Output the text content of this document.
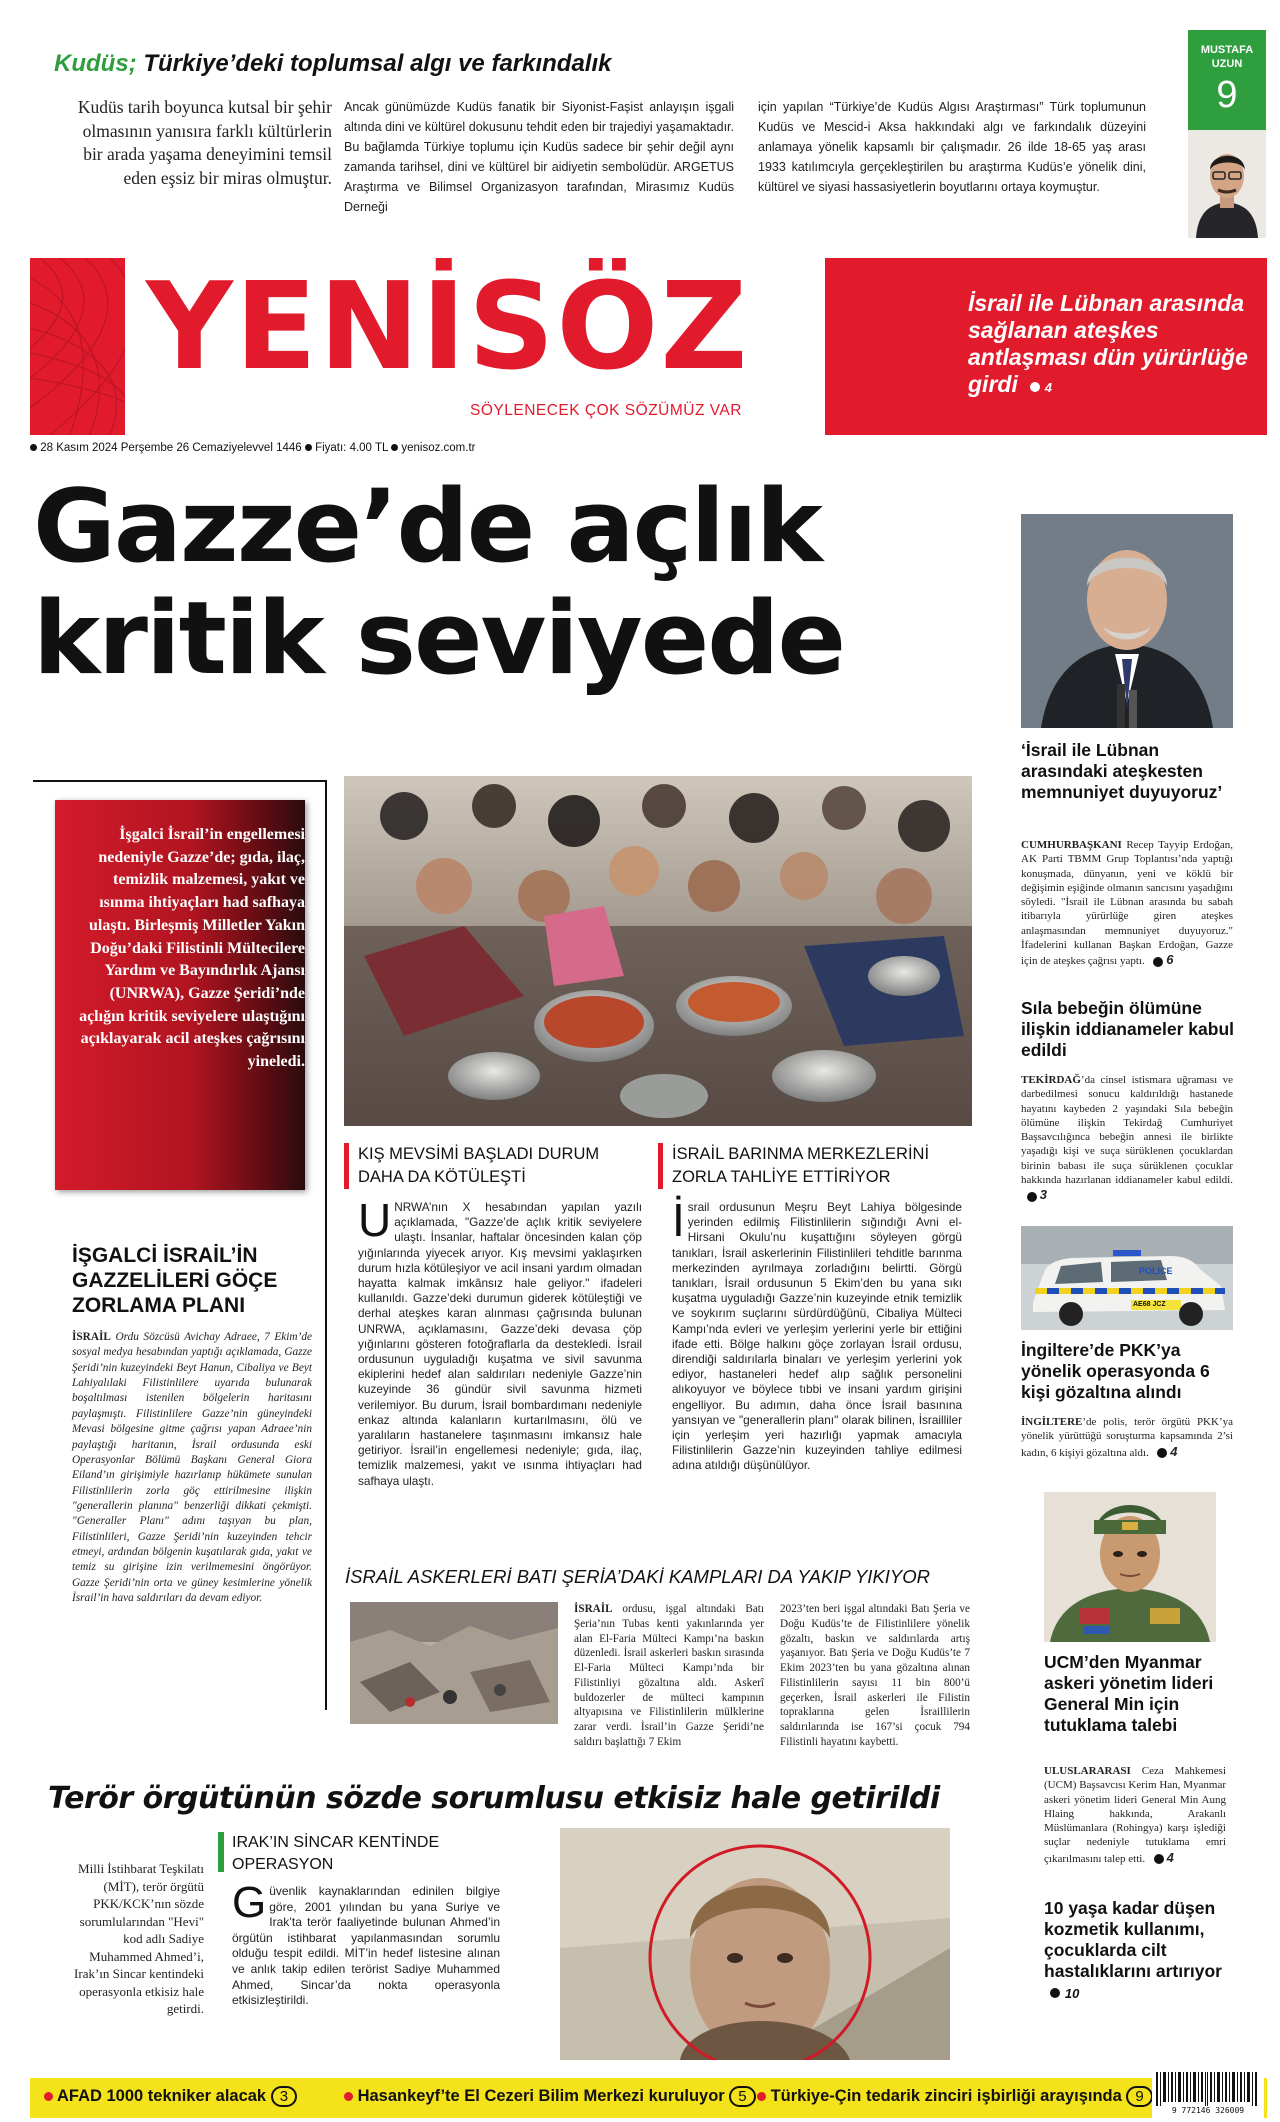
Kudüs; Türkiye’deki toplumsal algı ve farkındalık
Kudüs tarih boyunca kutsal bir şehir olmasının yanısıra farklı kültürlerin bir arada yaşama deneyimini temsil eden eşsiz bir miras olmuştur.
Ancak günümüzde Kudüs fanatik bir Siyonist-Faşist anlayışın işgali altında dini ve kültürel dokusunu tehdit eden bir trajediyi yaşamaktadır. Bu bağlamda Türkiye toplumu için Kudüs sadece bir şehir değil aynı zamanda tarihsel, dini ve kültürel bir aidiyetin sembolüdür. ARGETUS Araştırma ve Bilimsel Organizasyon tarafından, Mirasımız Kudüs Derneği
için yapılan “Türkiye’de Kudüs Algısı Araştırması” Türk toplumunun Kudüs ve Mescid-i Aksa hakkındaki algı ve farkındalık düzeyini anlamaya yönelik kapsamlı bir çalışmadır. 26 ilde 18-65 yaş arası 1933 katılımcıyla gerçekleştirilen bu araştırma Kudüs’e yönelik dini, kültürel ve siyasi hassasiyetlerin boyutlarını ortaya koymuştur.
MUSTAFA UZUN
9
YENİSÖZ
SÖYLENECEK ÇOK SÖZÜMÜZ VAR
İsrail ile Lübnan arasında sağlanan ateşkes antlaşması dün yürürlüğe girdi 4
28 Kasım 2024 Perşembe 26 Cemaziyelevvel 1446 Fiyatı: 4.00 TL yenisoz.com.tr
Gazze’de açlık
kritik seviyede
İşgalci İsrail’in engellemesi nedeniyle Gazze’de; gıda, ilaç, temizlik malzemesi, yakıt ve ısınma ihtiyaçları had safhaya ulaştı. Birleşmiş Milletler Yakın Doğu’daki Filistinli Mültecilere Yardım ve Bayındırlık Ajansı (UNRWA), Gazze Şeridi’nde açlığın kritik seviyelere ulaştığını açıklayarak acil ateşkes çağrısını yineledi.
İŞGALCİ İSRAİL’İN GAZZELİLERİ GÖÇE ZORLAMA PLANI
İSRAİL Ordu Sözcüsü Avichay Adraee, 7 Ekim’de sosyal medya hesabından yaptığı açıklamada, Gazze Şeridi’nin kuzeyindeki Beyt Hanun, Cibaliya ve Beyt Lahiyalılaki Filistinlilere uyarıda bulunarak boşaltılması istenilen bölgelerin haritasını paylaşmıştı. Filistinlilere Gazze’nin güneyindeki Mevasi bölgesine gitme çağrısı yapan Adraee’nin paylaştığı haritanın, İsrail ordusunda eski Operasyonlar Bölümü Başkanı General Giora Eiland’ın girişimiyle hazırlanıp hükümete sunulan Filistinlilerin zorla göç ettirilmesine ilişkin "generallerin planına" benzerliği dikkati çekmişti. "Generaller Planı" adını taşıyan bu plan, Filistinlileri, Gazze Şeridi’nin kuzeyinden tehcir etmeyi, ardından bölgenin kuşatılarak gıda, yakıt ve temiz su girişine izin verilmemesini öngörüyor. Gazze Şeridi’nin orta ve güney kesimlerine yönelik İsrail’in hava saldırıları da devam ediyor.
KIŞ MEVSİMİ BAŞLADI DURUM DAHA DA KÖTÜLEŞTİ
U NRWA’nın X hesabından yapılan yazılı açıklamada, "Gazze’de açlık kritik seviyelere ulaştı. İnsanlar, haftalar öncesinden kalan çöp yığınlarında yiyecek arıyor. Kış mevsimi yaklaşırken durum hızla kötüleşiyor ve acil insani yardım olmadan hayatta kalmak imkânsız hale geliyor." ifadeleri kullanıldı. Gazze’deki durumun giderek kötüleştiği ve derhal ateşkes karan alınması çağrısında bulunan UNRWA, açıklamasını, Gazze’deki devasa çöp yığınlarını gösteren fotoğraflarla da destekledi. İsrail ordusunun uyguladığı kuşatma ve sivil savunma ekiplerini hedef alan saldırıları nedeniyle Gazze’nin kuzeyinde 36 gündür sivil savunma hizmeti verilemiyor. Bu durum, İsrail bombardımanı nedeniyle enkaz altında kalanların kurtarılmasını, ölü ve yaralıların hastanelere taşınmasını imkansız hale getiriyor. İsrail’in engellemesi nedeniyle; gıda, ilaç, temizlik malzemesi, yakıt ve ısınma ihtiyaçları had safhaya ulaştı.
İSRAİL BARINMA MERKEZLERİNİ ZORLA TAHLİYE ETTİRİYOR
İ srail ordusunun Meşru Beyt Lahiya bölgesinde yerinden edilmiş Filistinlilerin sığındığı Avni el-Hirsani Okulu’nu kuşattığını söyleyen görgü tanıkları, İsrail askerlerinin Filistinlileri tehditle barınma merkezinden ayrılmaya zorladığını belirtti. Görgü tanıkları, İsrail ordusunun 5 Ekim’den bu yana sıkı kuşatma uyguladığı Gazze’nin kuzeyinde etnik temizlik ve soykırım suçlarını sürdürdüğünü, Cibaliya Mülteci Kampı’nda evleri ve yerleşim yerlerini yerle bir ettiğini ifade etti. Bölge halkını göçe zorlayan İsrail ordusu, direndiği saldırılarla binaları ve yerleşim yerlerini yok ediyor, hastaneleri hedef alıp sağlık personelini alıkoyuyor ve böylece tıbbi ve insani yardım girişini engelliyor. Bu adımın, daha önce İsrail basınına yansıyan ve "generallerin planı" olarak bilinen, İsrailliler için yerleşim yeri hazırlığı yapmak amacıyla Filistinlilerin Gazze’nin kuzeyinden tahliye edilmesi adına atıldığı düşünülüyor.
İSRAİL ASKERLERİ BATI ŞERİA’DAKİ KAMPLARI DA YAKIP YIKIYOR
İSRAİL ordusu, işgal altındaki Batı Şeria’nın Tubas kenti yakınlarında yer alan El-Faria Mülteci Kampı’na baskın düzenledi. İsrail askerleri baskın sırasında El-Faria Mülteci Kampı’nda bir Filistinliyi gözaltına aldı. Askerî buldozerler de mülteci kampının altyapısına ve Filistinlilerin mülklerine zarar verdi. İsrail’in Gazze Şeridi’ne saldırı başlattığı 7 Ekim
2023’ten beri işgal altındaki Batı Şeria ve Doğu Kudüs’te de Filistinlilere yönelik gözaltı, baskın ve saldırılarda artış yaşanıyor. Batı Şeria ve Doğu Kudüs’te 7 Ekim 2023’ten bu yana gözaltına alınan Filistinlilerin sayısı 11 bin 800’ü geçerken, İsrail askerleri ile Filistin topraklarına gelen İsraillilerin saldırılarında ise 167’si çocuk 794 Filistinli hayatını kaybetti.
Terör örgütünün sözde sorumlusu etkisiz hale getirildi
Milli İstihbarat Teşkilatı (MİT), terör örgütü PKK/KCK’nın sözde sorumlularından "Hevi" kod adlı Sadiye Muhammed Ahmed’i, Irak’ın Sincar kentindeki operasyonla etkisiz hale getirdi.
IRAK’IN SİNCAR KENTİNDE OPERASYON
G üvenlik kaynaklarından edinilen bilgiye göre, 2001 yılından bu yana Suriye ve Irak’ta terör faaliyetinde bulunan Ahmed’in örgütün istihbarat yapılanmasından sorumlu olduğu tespit edildi. MİT’in hedef listesine alınan ve anlık takip edilen terörist Sadiye Muhammed Ahmed, Sincar’da nokta operasyonla etkisizleştirildi.
‘İsrail ile Lübnan arasındaki ateşkesten memnuniyet duyuyoruz’
CUMHURBAŞKANI Recep Tayyip Erdoğan, AK Parti TBMM Grup Toplantısı’nda yaptığı konuşmada, dünyanın, yeni ve köklü bir değişimin eşiğinde olmanın sancısını yaşadığını söyledi. "İsrail ile Lübnan arasında bu sabah itibarıyla yürürlüğe giren ateşkes anlaşmasından memnuniyet duyuyoruz." İfadelerini kullanan Başkan Erdoğan, Gazze için de ateşkes çağrısı yaptı. 6
Sıla bebeğin ölümüne ilişkin iddianameler kabul edildi
TEKİRDAĞ’da cinsel istismara uğraması ve darbedilmesi sonucu kaldırıldığı hastanede hayatını kaybeden 2 yaşındaki Sıla bebeğin ölümüne ilişkin Tekirdağ Cumhuriyet Başsavcılığınca bebeğin annesi ile birlikte yaşadığı kişi ve suça sürüklenen çocuklardan birinin babası ile suça sürüklenen çocuklar hakkında hazırlanan iddianameler kabul edildi.  3
POLICE
AE68 JCZ
İngiltere’de PKK’ya yönelik operasyonda 6 kişi gözaltına alındı
İNGİLTERE’de polis, terör örgütü PKK’ya yönelik yürüttüğü soruşturma kapsamında 2’si kadın, 6 kişiyi gözaltına aldı. 4
UCM’den Myanmar askeri yönetim lideri General Min için tutuklama talebi
ULUSLARARASI Ceza Mahkemesi (UCM) Başsavcısı Kerim Han, Myanmar askeri yönetim lideri General Min Aung Hlaing hakkında, Arakanlı Müslümanlara (Rohingya) karşı işlediği suçlar nedeniyle tutuklama emri çıkarılmasını talep etti. 4
10 yaşa kadar düşen kozmetik kullanımı, çocuklarda cilt hastalıklarını artırıyor  10
AFAD 1000 tekniker alacak 3	Hasankeyf’te El Cezeri Bilim Merkezi kuruluyor 5	Türkiye-Çin tedarik zinciri işbirliği arayışında 9
9 772146 326009
